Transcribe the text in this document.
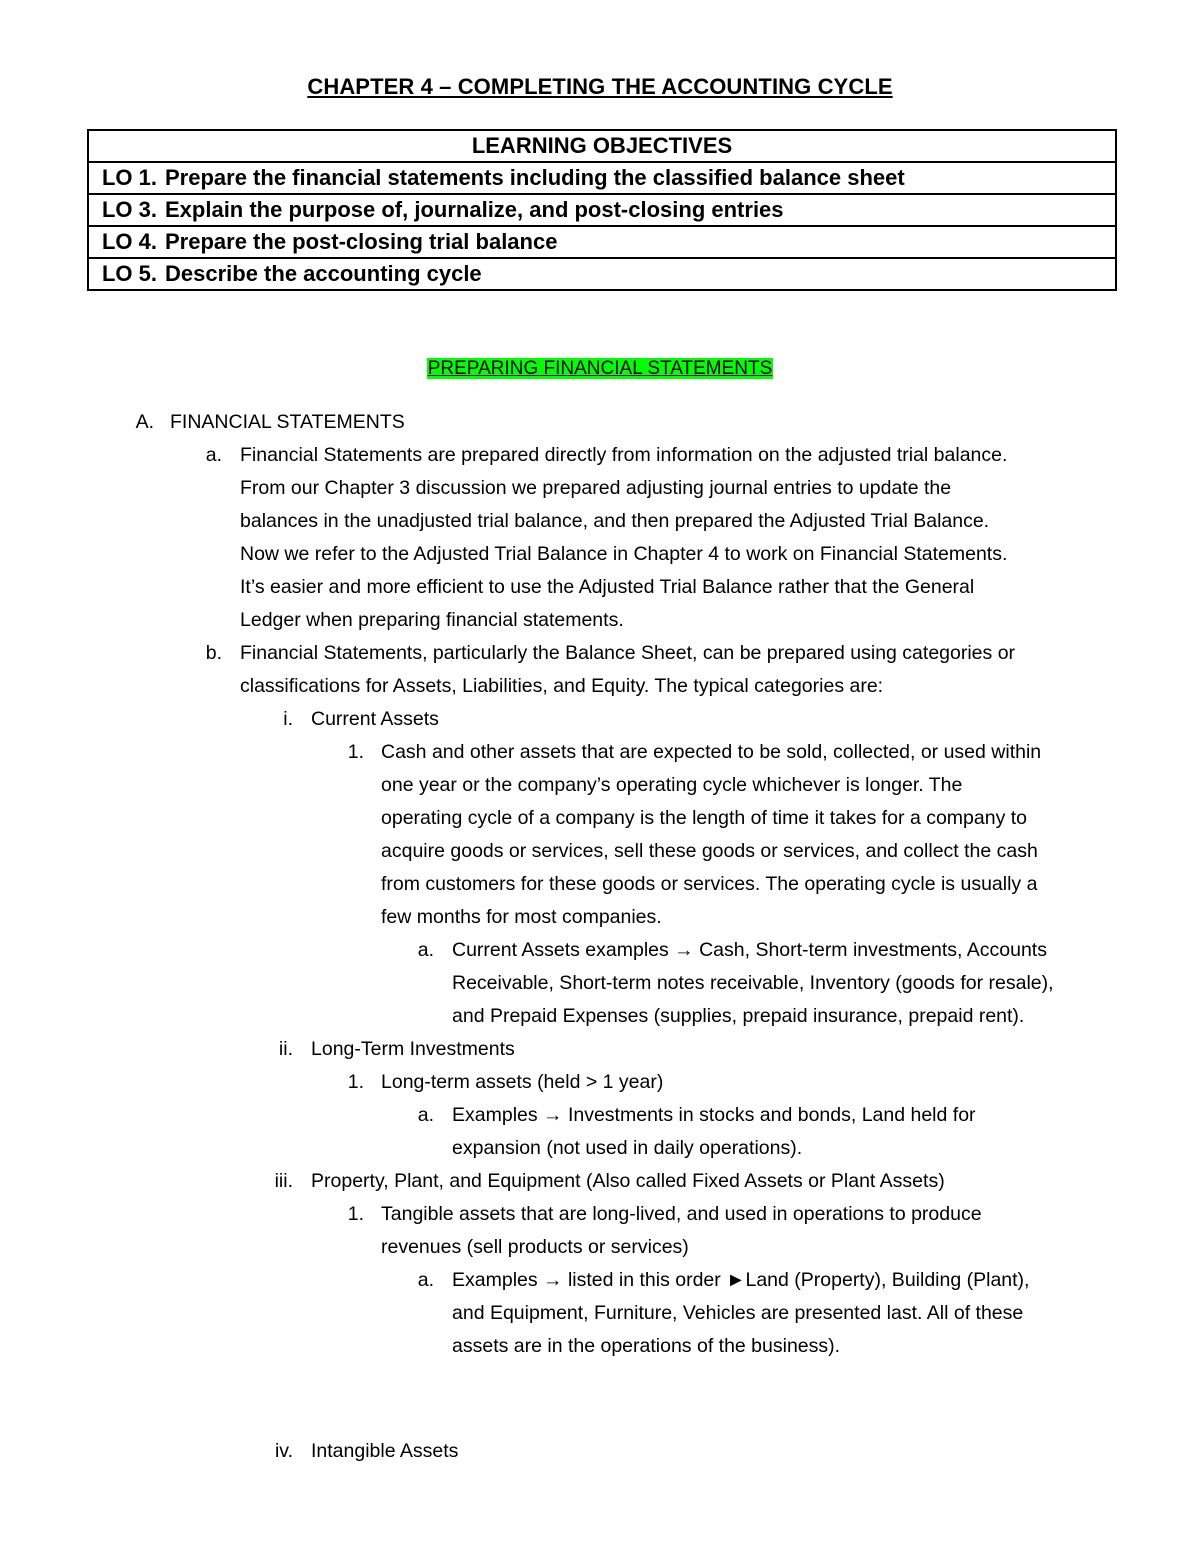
CHAPTER 4 – COMPLETING THE ACCOUNTING CYCLE
LEARNING OBJECTIVES
LO 1. Prepare the financial statements including the classified balance sheet
LO 3. Explain the purpose of, journalize, and post-closing entries
LO 4. Prepare the post-closing trial balance
LO 5. Describe the accounting cycle
PREPARING FINANCIAL STATEMENTS
A. FINANCIAL STATEMENTS
a. Financial Statements are prepared directly from information on the adjusted trial balance.
From our Chapter 3 discussion we prepared adjusting journal entries to update the
balances in the unadjusted trial balance, and then prepared the Adjusted Trial Balance.
Now we refer to the Adjusted Trial Balance in Chapter 4 to work on Financial Statements.
It’s easier and more efficient to use the Adjusted Trial Balance rather that the General
Ledger when preparing financial statements.
b. Financial Statements, particularly the Balance Sheet, can be prepared using categories or
classifications for Assets, Liabilities, and Equity. The typical categories are:
i. Current Assets
1. Cash and other assets that are expected to be sold, collected, or used within
one year or the company’s operating cycle whichever is longer. The
operating cycle of a company is the length of time it takes for a company to
acquire goods or services, sell these goods or services, and collect the cash
from customers for these goods or services. The operating cycle is usually a
few months for most companies.
a. Current Assets examples → Cash, Short-term investments, Accounts
Receivable, Short-term notes receivable, Inventory (goods for resale),
and Prepaid Expenses (supplies, prepaid insurance, prepaid rent).
ii. Long-Term Investments
1. Long-term assets (held > 1 year)
a. Examples → Investments in stocks and bonds, Land held for
expansion (not used in daily operations).
iii. Property, Plant, and Equipment (Also called Fixed Assets or Plant Assets)
1. Tangible assets that are long-lived, and used in operations to produce
revenues (sell products or services)
a. Examples → listed in this order ►Land (Property), Building (Plant),
and Equipment, Furniture, Vehicles are presented last. All of these
assets are in the operations of the business).
iv. Intangible Assets
